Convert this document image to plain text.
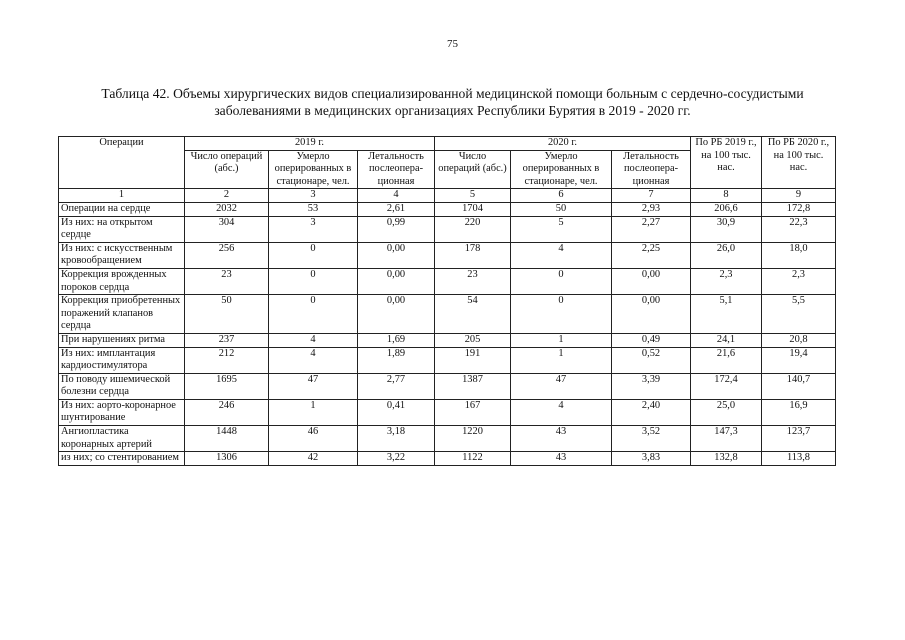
75
Таблица 42. Объемы хирургических видов специализированной медицинской помощи больным с сердечно-сосудистыми заболеваниями в медицинских организациях Республики Бурятия в 2019 - 2020 гг.
Операции	2019 г.			2020 г.			По РБ 2019 г., на 100 тыс. нас.	По РБ 2020 г., на 100 тыс. нас.
	Число операций (абс.)	Умерло оперированных в стационаре, чел.	Летальность послеопера-ционная	Число операций (абс.)	Умерло оперированных в стационаре, чел.	Летальность послеопера-ционная		
1	2	3	4	5	6	7	8	9
Операции на сердце	2032	53	2,61	1704	50	2,93	206,6	172,8
Из них: на открытом сердце	304	3	0,99	220	5	2,27	30,9	22,3
Из них: с искусственным кровообращением	256	0	0,00	178	4	2,25	26,0	18,0
Коррекция врожденных пороков сердца	23	0	0,00	23	0	0,00	2,3	2,3
Коррекция приобретенных поражений клапанов сердца	50	0	0,00	54	0	0,00	5,1	5,5
При нарушениях ритма	237	4	1,69	205	1	0,49	24,1	20,8
Из них: имплантация кардиостимулятора	212	4	1,89	191	1	0,52	21,6	19,4
По поводу ишемической болезни сердца	1695	47	2,77	1387	47	3,39	172,4	140,7
Из них: аорто-коронарное шунтирование	246	1	0,41	167	4	2,40	25,0	16,9
Ангиопластика коронарных артерий	1448	46	3,18	1220	43	3,52	147,3	123,7
из них; со стентированием	1306	42	3,22	1122	43	3,83	132,8	113,8
